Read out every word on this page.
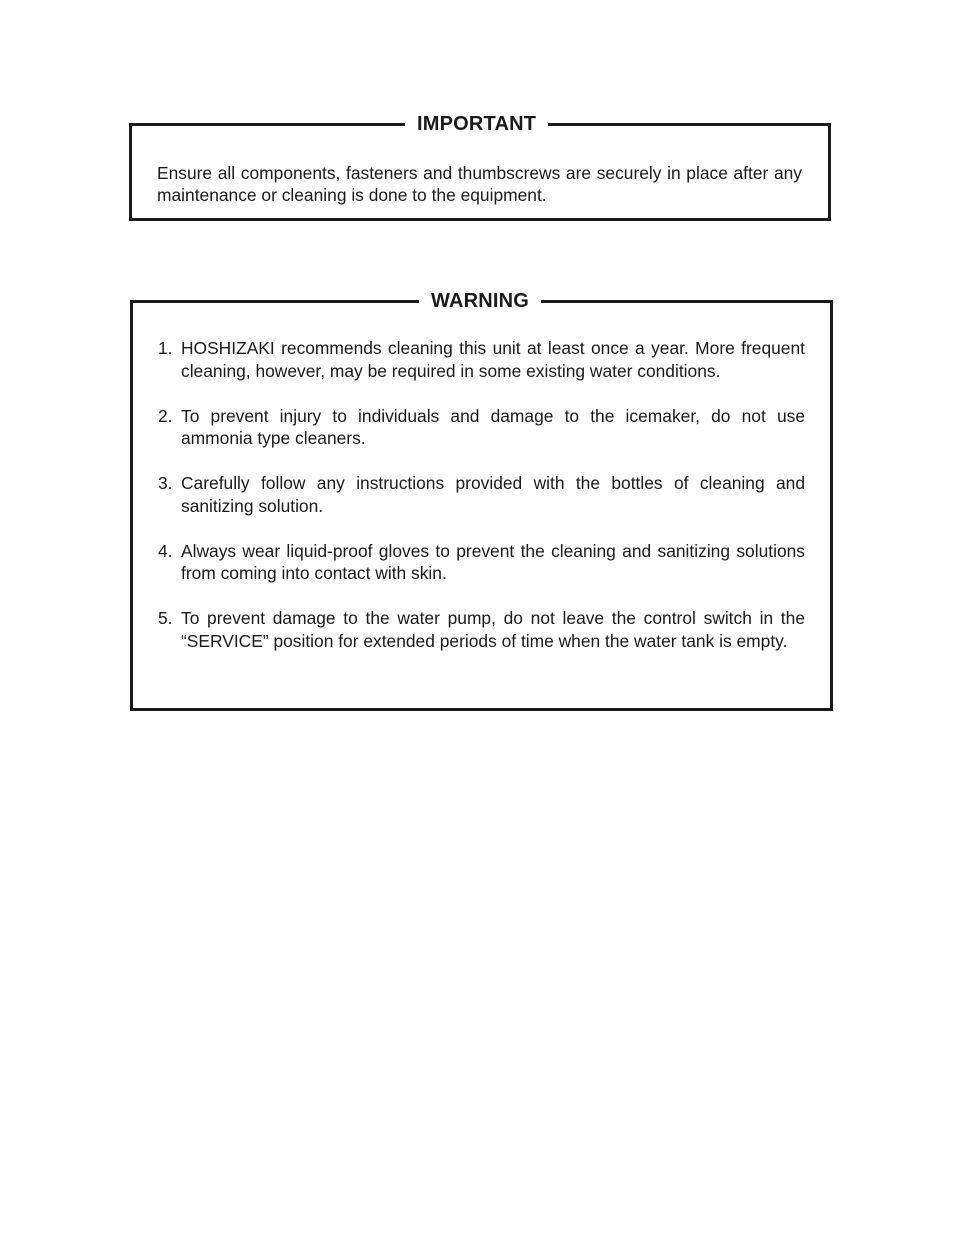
IMPORTANT
Ensure all components, fasteners and thumbscrews are securely in place after any maintenance or cleaning is done to the equipment.
WARNING
1. HOSHIZAKI recommends cleaning this unit at least once a year. More frequent cleaning, however, may be required in some existing water conditions.
2. To prevent injury to individuals and damage to the icemaker, do not use ammonia type cleaners.
3. Carefully follow any instructions provided with the bottles of cleaning and sanitizing solution.
4. Always wear liquid-proof gloves to prevent the cleaning and sanitizing solutions from coming into contact with skin.
5. To prevent damage to the water pump, do not leave the control switch in the “SERVICE” position for extended periods of time when the water tank is empty.
